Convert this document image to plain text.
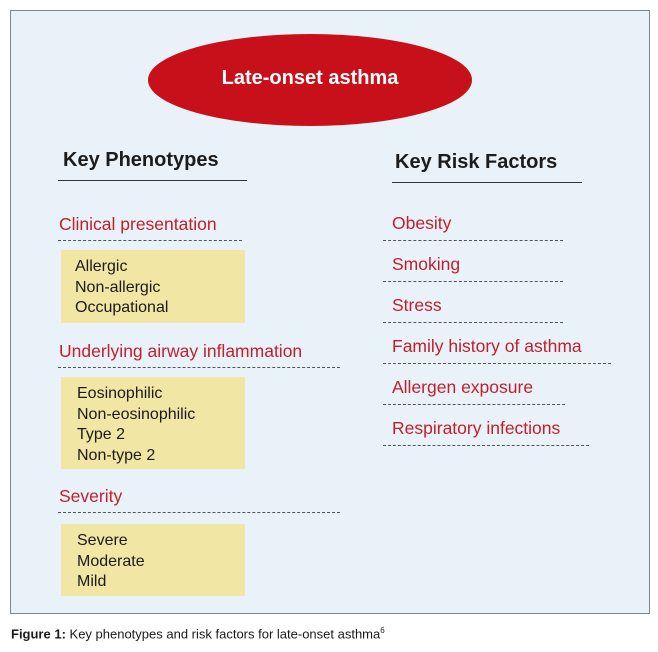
Late-onset asthma
Key Phenotypes	Key Risk Factors
Clinical presentation
Allergic
Non-allergic
Occupational
Underlying airway inflammation
Eosinophilic
Non-eosinophilic
Type 2
Non-type 2
Severity
Severe
Moderate
Mild
Obesity
Smoking
Stress
Family history of asthma
Allergen exposure
Respiratory infections
Figure 1: Key phenotypes and risk factors for late-onset asthma$^6$
